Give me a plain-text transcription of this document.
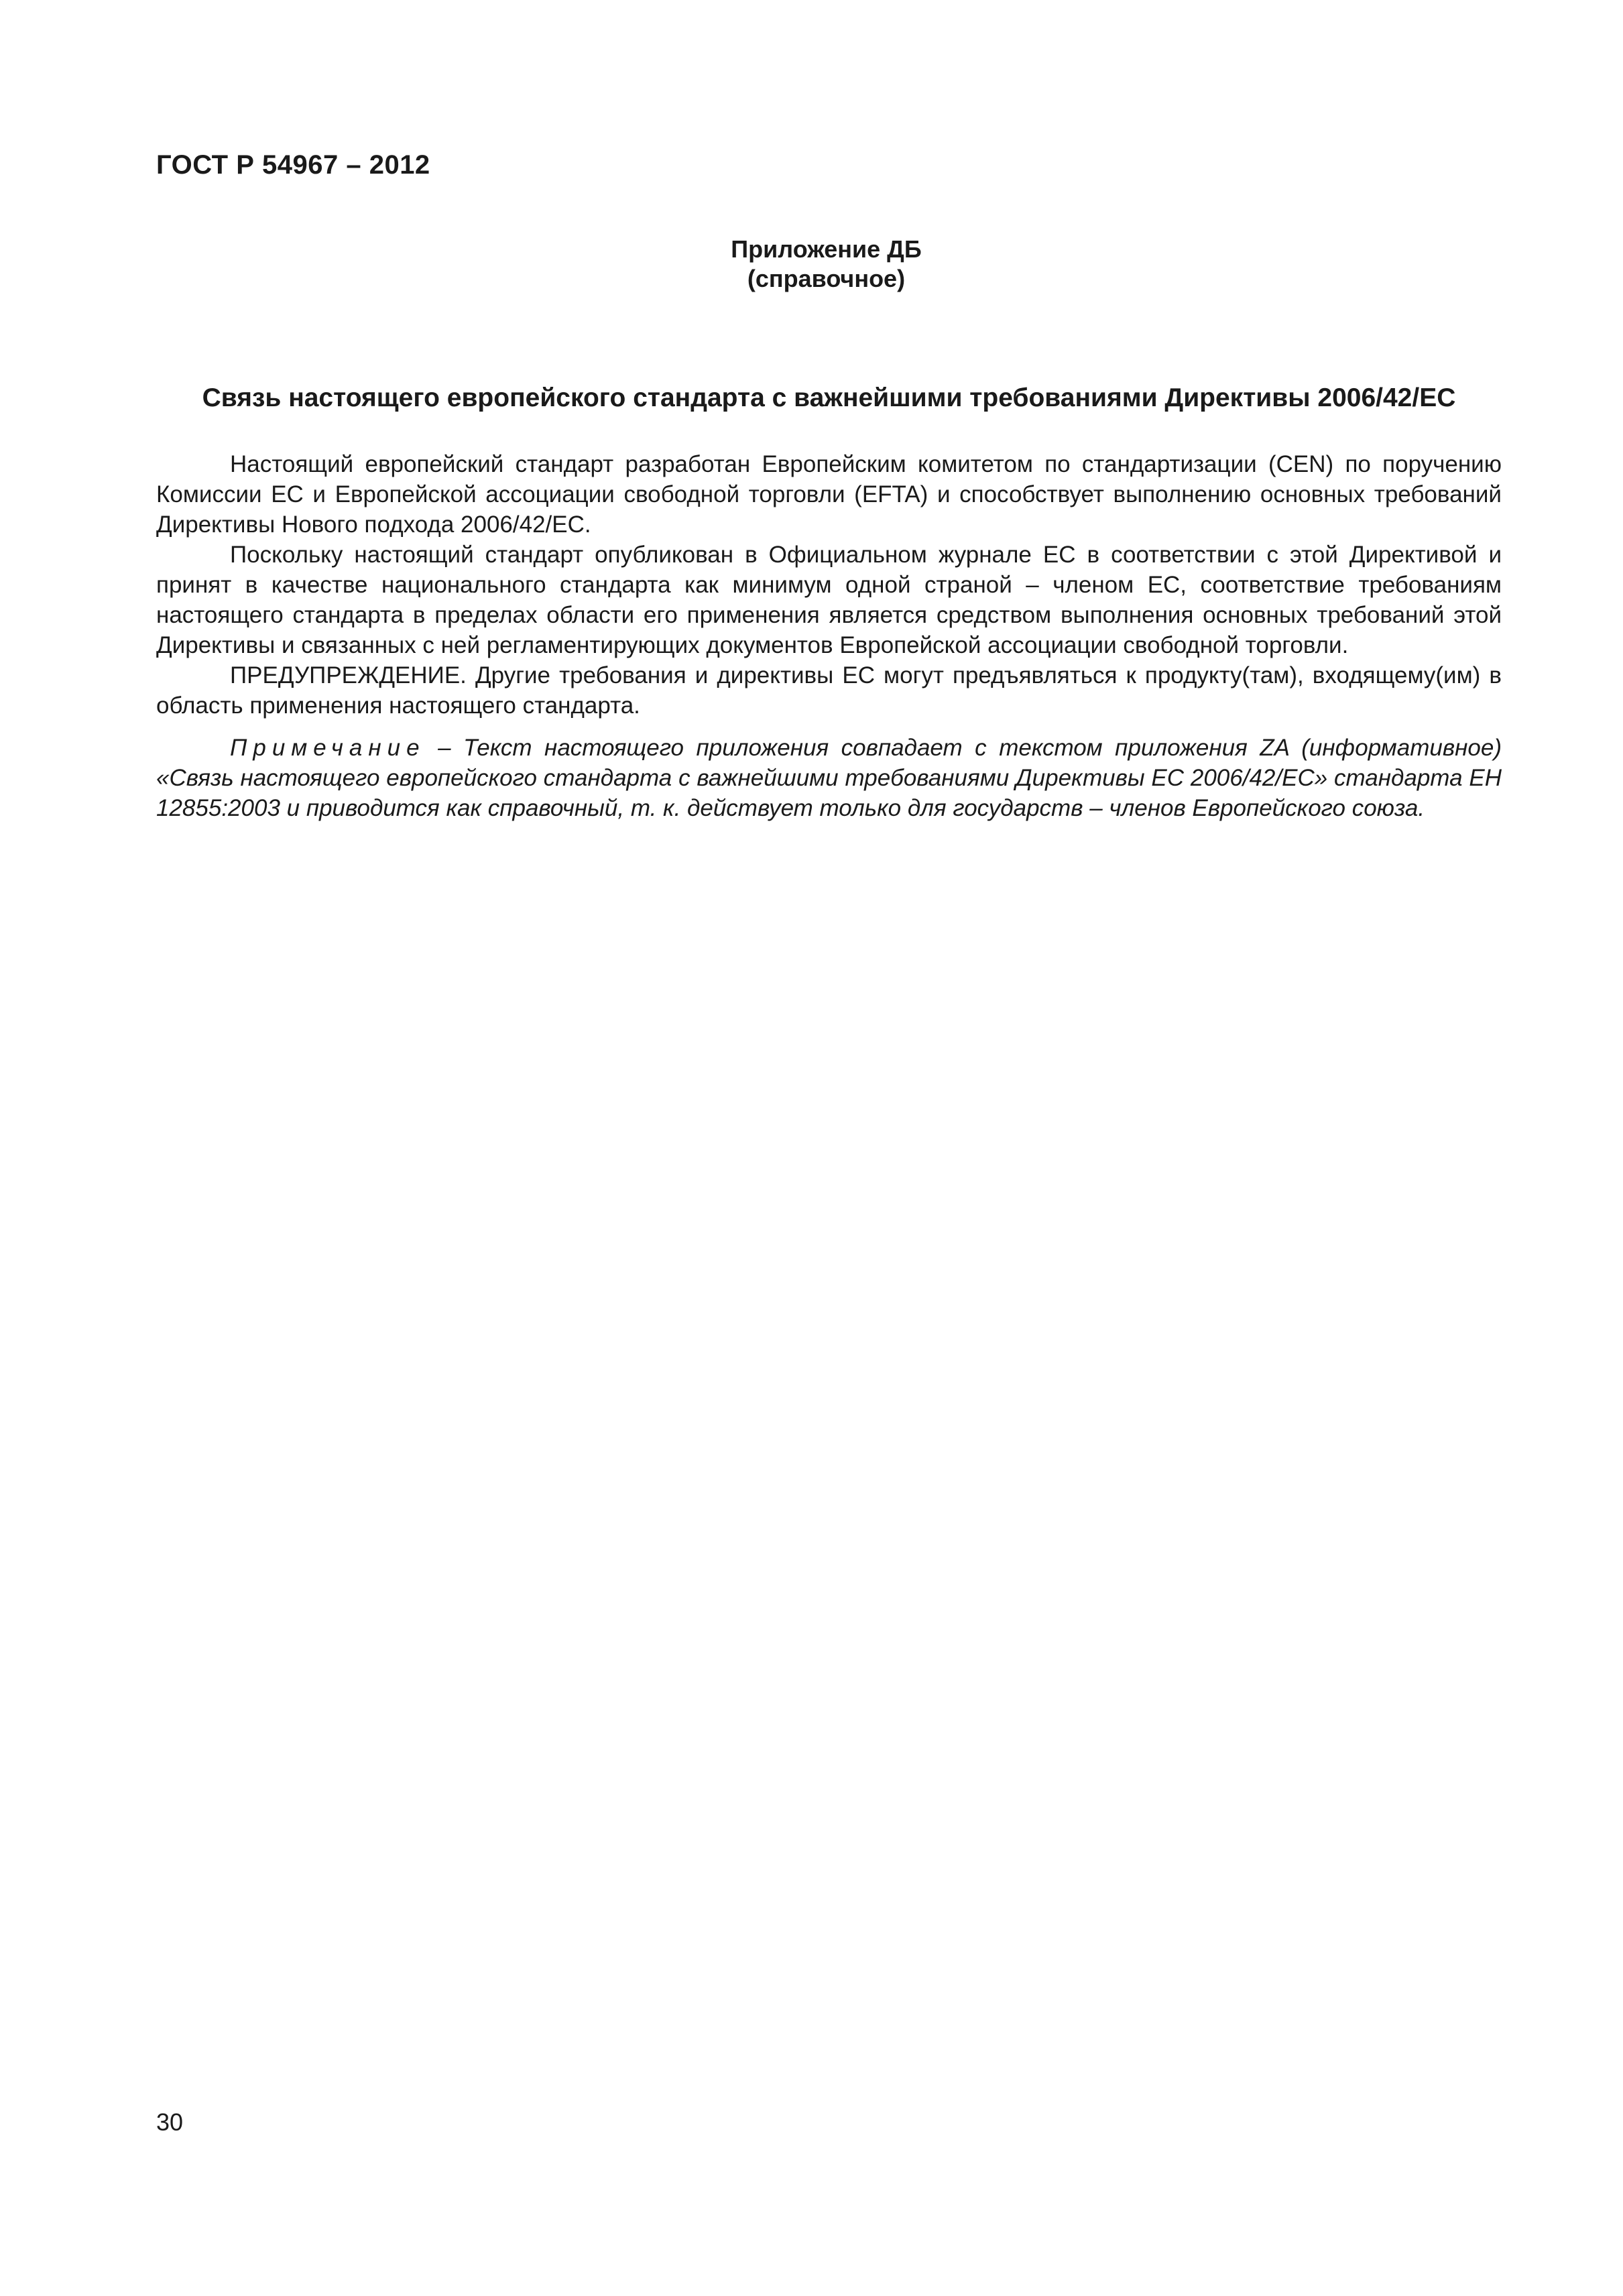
ГОСТ Р 54967 – 2012
Приложение ДБ
(справочное)
Связь настоящего европейского стандарта с важнейшими требованиями Директивы 2006/42/ЕС

Настоящий европейский стандарт разработан Европейским комитетом по стандартизации (CEN) по поручению Комиссии ЕС и Европейской ассоциации свободной торговли (EFTA) и способствует выполнению основных требований Директивы Нового подхода 2006/42/ЕС.

Поскольку настоящий стандарт опубликован в Официальном журнале ЕС в соответствии с этой Директивой и принят в качестве национального стандарта как минимум одной страной – членом ЕС, соответствие требованиям настоящего стандарта в пределах области его применения является средством выполнения основных требований этой Директивы и связанных с ней регламентирующих документов Европейской ассоциации свободной торговли.

ПРЕДУПРЕЖДЕНИЕ. Другие требования и директивы ЕС могут предъявляться к продукту(там), входящему(им) в область применения настоящего стандарта.

Примечание – Текст настоящего приложения совпадает с текстом приложения ZA (информативное) «Связь настоящего европейского стандарта с важнейшими требованиями Директивы ЕС 2006/42/ЕС» стандарта ЕН 12855:2003 и приводится как справочный, т. к. действует только для государств – членов Европейского союза.

30
